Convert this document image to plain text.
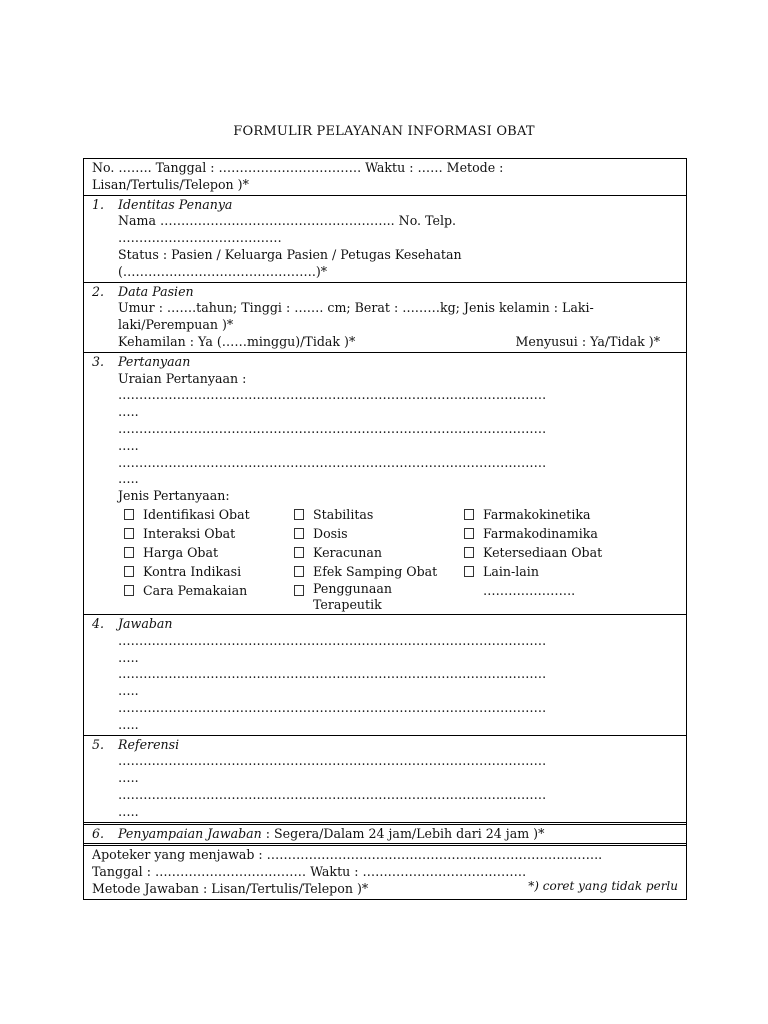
FORMULIR PELAYANAN INFORMASI OBAT
No. …….. Tanggal : ……………………………. Waktu : …… Metode :
Lisan/Tertulis/Telepon )*
1.	Identitas Penanya
Nama ……………………………………………….. No. Telp.
…………………………………
Status : Pasien / Keluarga Pasien / Petugas Kesehatan
(……………………………………….)*
2.	Data Pasien
Umur : …….tahun; Tinggi : ……. cm; Berat : ………kg; Jenis kelamin : Laki-
laki/Perempuan )*
Kehamilan : Ya (……minggu)/Tidak )*	Menyusui : Ya/Tidak )*
3.	Pertanyaan
Uraian Pertanyaan :
…………………………………………………………………………………………
…..
…………………………………………………………………………………………
…..
…………………………………………………………………………………………
…..
Jenis Pertanyaan:
Identifikasi Obat	Stabilitas	Farmakokinetika
Interaksi Obat	Dosis	Farmakodinamika
Harga Obat	Keracunan	Ketersediaan Obat
Kontra Indikasi	Efek Samping Obat	Lain-lain
Cara Pemakaian	Penggunaan
Terapeutik
………………….
4.	Jawaban
…………………………………………………………………………………………
…..
…………………………………………………………………………………………
…..
…………………………………………………………………………………………
…..
5.	Referensi
…………………………………………………………………………………………
…..
…………………………………………………………………………………………
…..
6.	Penyampaian Jawaban : Segera/Dalam 24 jam/Lebih dari 24 jam )*
Apoteker yang menjawab : ……………………………………………………………………..
Tanggal : ……………………………… Waktu : …………………………………
Metode Jawaban : Lisan/Tertulis/Telepon )*	*) coret yang tidak perlu
